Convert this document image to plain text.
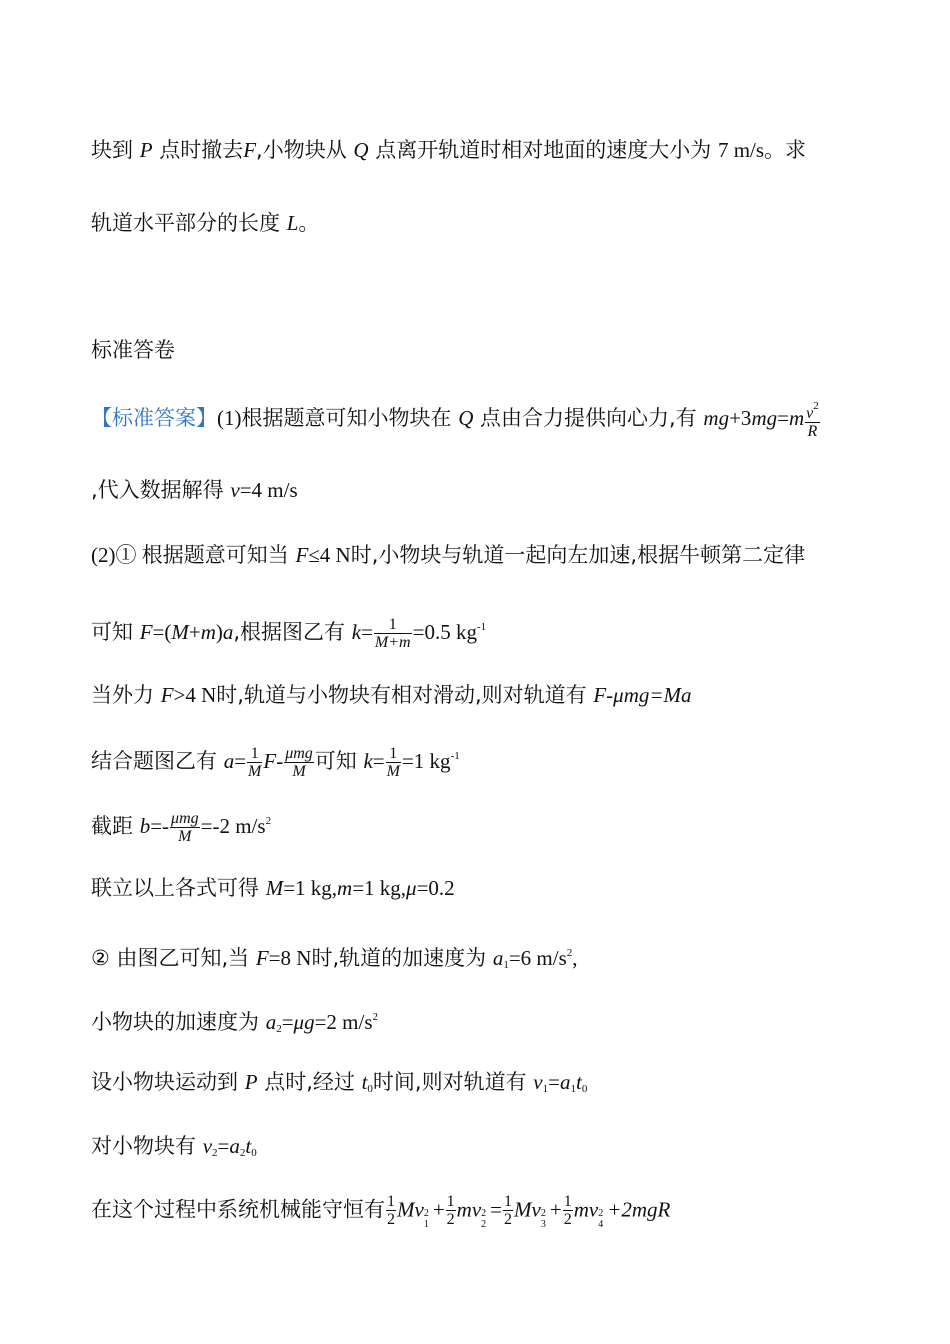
块到 P 点时撤去F,小物块从 Q 点离开轨道时相对地面的速度大小为 7 m/s。求
轨道水平部分的长度 L。
标准答卷
【标准答案】(1)根据题意可知小物块在 Q 点由合力提供向心力,有 $mg+3mg=m \frac{v^2}{R}$
,代入数据解得 v=4 m/s
(2)① 根据题意可知当 F≤4 N时,小物块与轨道一起向左加速,根据牛顿第二定律
可知 F=(M+m)a,根据图乙有 $k= \frac{1}{M+m} =0.5$ $kg^{-1}$
当外力 F>4 N时,轨道与小物块有相对滑动,则对轨道有 F-μmg=Ma
结合题图乙有 $a= \frac{1}{M} F- \frac{\text{μmg}}{M}$ 可知 $k= \frac{1}{M} =1$ $kg^{-1}$
截距 $b=- \frac{\text{μmg}}{M} =-2$ $m/s^2$
联立以上各式可得 M=1 kg,m=1 kg,μ=0.2
② 由图乙可知,当 F=8 N时,轨道的加速度为 $a_1=6$ $m/s^2$,
小物块的加速度为 $a_2=\mu g=2$ $m/s^2$
设小物块运动到 P 点时,经过 $t_0$时间,则对轨道有 $v_1=a_1t_0$
对小物块有 $v_2=a_2t_0$
在这个过程中系统机械能守恒有 $\frac{1}{2}$ Mv 2
1
+ $\frac{1}{2}$ mv 2
2
= $\frac{1}{2}$ Mv 2
3
+ $\frac{1}{2}$ mv 2
4
+2mgR
